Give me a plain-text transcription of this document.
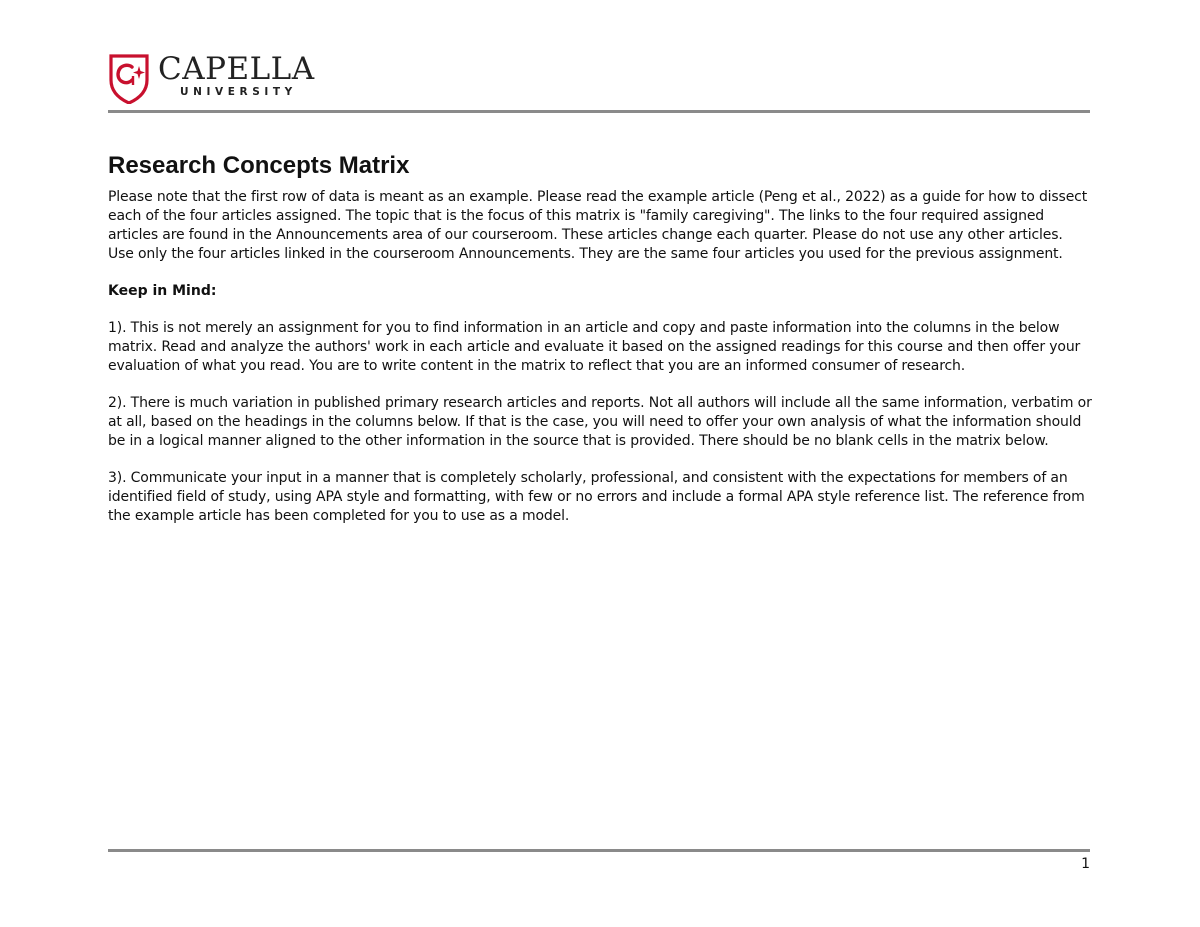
CAPELLA
UNIVERSITY
Research Concepts Matrix

Please note that the first row of data is meant as an example. Please read the example article (Peng et al., 2022) as a guide for how to dissect each of the four articles assigned. The topic that is the focus of this matrix is "family caregiving". The links to the four required assigned articles are found in the Announcements area of our courseroom. These articles change each quarter. Please do not use any other articles. Use only the four articles linked in the courseroom Announcements. They are the same four articles you used for the previous assignment.

Keep in Mind:

1). This is not merely an assignment for you to find information in an article and copy and paste information into the columns in the below matrix. Read and analyze the authors' work in each article and evaluate it based on the assigned readings for this course and then offer your evaluation of what you read. You are to write content in the matrix to reflect that you are an informed consumer of research.

2). There is much variation in published primary research articles and reports. Not all authors will include all the same information, verbatim or at all, based on the headings in the columns below. If that is the case, you will need to offer your own analysis of what the information should be in a logical manner aligned to the other information in the source that is provided. There should be no blank cells in the matrix below.

3). Communicate your input in a manner that is completely scholarly, professional, and consistent with the expectations for members of an identified field of study, using APA style and formatting, with few or no errors and include a formal APA style reference list. The reference from the example article has been completed for you to use as a model.

1
